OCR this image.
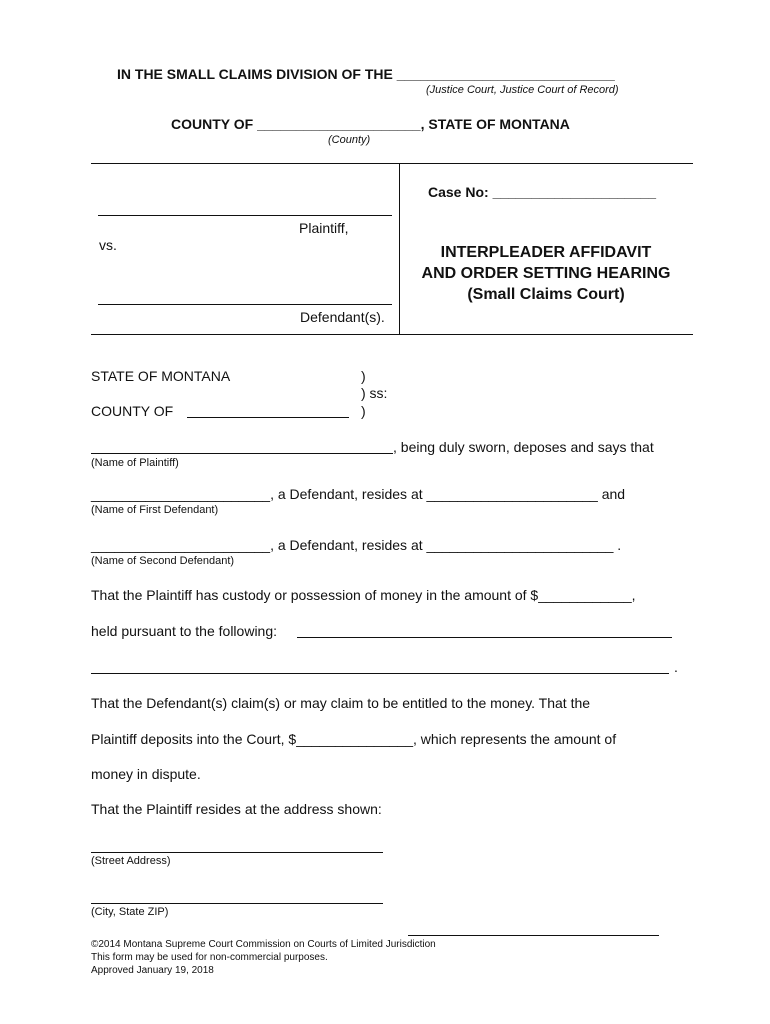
IN THE SMALL CLAIMS DIVISION OF THE ____________________________
(Justice Court, Justice Court of Record)
COUNTY OF _____________________, STATE OF MONTANA
(County)
Plaintiff,
vs.
Defendant(s).
Case No: _____________________
INTERPLEADER AFFIDAVIT
AND ORDER SETTING HEARING
(Small Claims Court)
STATE OF MONTANA
COUNTY OF
)
) ss:
)
, being duly sworn, deposes and says that
(Name of Plaintiff)
_______________________, a Defendant, resides at ______________________ and
(Name of First Defendant)
_______________________, a Defendant, resides at ________________________ .
(Name of Second Defendant)
That the Plaintiff has custody or possession of money in the amount of $____________,
held pursuant to the following:
.
That the Defendant(s) claim(s) or may claim to be entitled to the money. That the
Plaintiff deposits into the Court, $_______________, which represents the amount of
money in dispute.
That the Plaintiff resides at the address shown:
(Street Address)
(City, State ZIP)
©2014 Montana Supreme Court Commission on Courts of Limited Jurisdiction
This form may be used for non-commercial purposes.
Approved January 19, 2018
